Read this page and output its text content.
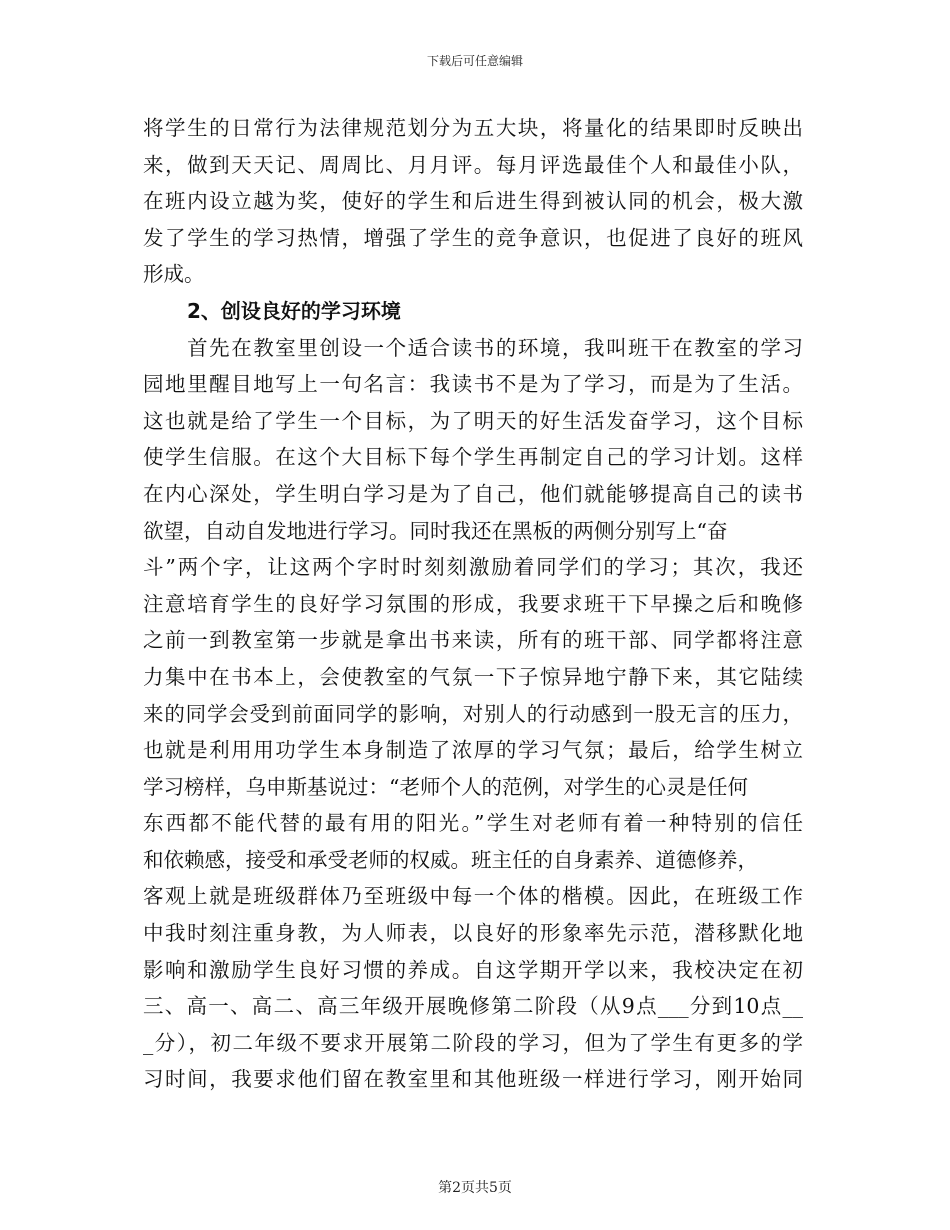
下载后可任意编辑
将学生的日常行为法律规范划分为五大块，将量化的结果即时反映出
来，做到天天记、周周比、月月评。每月评选最佳个人和最佳小队，
在班内设立越为奖，使好的学生和后进生得到被认同的机会，极大激
发了学生的学习热情，增强了学生的竞争意识，也促进了良好的班风
形成。
2、创设良好的学习环境
　　首先在教室里创设一个适合读书的环境，我叫班干在教室的学习
园地里醒目地写上一句名言：我读书不是为了学习，而是为了生活。
这也就是给了学生一个目标，为了明天的好生活发奋学习，这个目标
使学生信服。在这个大目标下每个学生再制定自己的学习计划。这样
在内心深处，学生明白学习是为了自己，他们就能够提高自己的读书
欲望，自动自发地进行学习。同时我还在黑板的两侧分别写上“奋
斗”两个字，让这两个字时时刻刻激励着同学们的学习；其次，我还
注意培育学生的良好学习氛围的形成，我要求班干下早操之后和晚修
之前一到教室第一步就是拿出书来读，所有的班干部、同学都将注意
力集中在书本上，会使教室的气氛一下子惊异地宁静下来，其它陆续
来的同学会受到前面同学的影响，对别人的行动感到一股无言的压力，
也就是利用用功学生本身制造了浓厚的学习气氛；最后，给学生树立
学习榜样，乌申斯基说过：“老师个人的范例，对学生的心灵是任何
东西都不能代替的最有用的阳光。”学生对老师有着一种特别的信任
和依赖感，接受和承受老师的权威。班主任的自身素养、道德修养，
客观上就是班级群体乃至班级中每一个体的楷模。因此，在班级工作
中我时刻注重身教，为人师表，以良好的形象率先示范，潜移默化地
影响和激励学生良好习惯的养成。自这学期开学以来，我校决定在初
三、高一、高二、高三年级开展晚修第二阶段（从9点___分到10点__
_分），初二年级不要求开展第二阶段的学习，但为了学生有更多的学
习时间，我要求他们留在教室里和其他班级一样进行学习，刚开始同
第2页共5页
